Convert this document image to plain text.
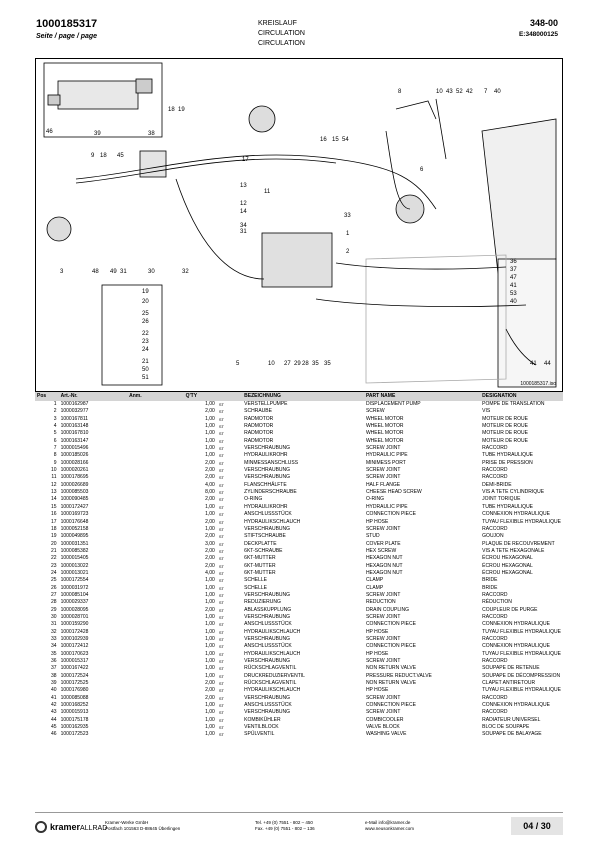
1000185317
Seite / page / page
KREISLAUF
CIRCULATION
CIRCULATION
348-00
E:348000125
46	39	38
18 19
45
9 18
17
16 15 54
8	10 43 52 42 7 40
13
12
14
11
33
34
31	1
2
6
3	48 49 31	30	32
19
20
25
26
22
23
24
21
50
51
5	10 27 29 28 35 35
36
37
47
41
53
40
41 44
1000185317.iso
Pos	Art.-Nr.	Anm.	Q'TY		BEZEICHNUNG	PART NAME	DESIGNATION
1	1000162987		1,00	ST	VERSTELLPUMPE	DISPLACEMENT PUMP	POMPE DE TRANSLATION
2	1000032977		2,00	ST	SCHRAUBE	SCREW	VIS
3	1000167811		1,00	ST	RADMOTOR	WHEEL MOTOR	MOTEUR DE ROUE
4	1000163148		1,00	ST	RADMOTOR	WHEEL MOTOR	MOTEUR DE ROUE
5	1000167810		1,00	ST	RADMOTOR	WHEEL MOTOR	MOTEUR DE ROUE
6	1000163147		1,00	ST	RADMOTOR	WHEEL MOTOR	MOTEUR DE ROUE
7	1000015496		1,00	ST	VERSCHRAUBUNG	SCREW JOINT	RACCORD
8	1000185026		1,00	ST	HYDRAULIKROHR	HYDRAULIC PIPE	TUBE HYDRAULIQUE
9	1000028166		2,00	ST	MINMESSANSCHLUSS	MINIMESS PORT	PRISE DE PRESSION
10	1000020261		2,00	ST	VERSCHRAUBUNG	SCREW JOINT	RACCORD
11	1000178695		2,00	ST	VERSCHRAUBUNG	SCREW JOINT	RACCORD
12	1000026689		4,00	ST	FLANSCHHÄLFTE	HALF FLANGE	DEMI-BRIDE
13	1000085503		8,00	ST	ZYLINDERSCHRAUBE	CHEESE HEAD SCREW	VIS A TETE CYLINDRIQUE
14	1000090485		2,00	ST	O-RING	O-RING	JOINT TORIQUE
15	1000172427		1,00	ST	HYDRAULIKROHR	HYDRAULIC PIPE	TUBE HYDRAULIQUE
16	1000169723		1,00	ST	ANSCHLUSSSTÜCK	CONNECTION PIECE	CONNEXION HYDRAULIQUE
17	1000176648		2,00	ST	HYDRAULIKSCHLAUCH	HP HOSE	TUYAU FLEXIBLE HYDRAULIQUE
18	1000052158		1,00	ST	VERSCHRAUBUNG	SCREW JOINT	RACCORD
19	1000049895		2,00	ST	STIFTSCHRAUBE	STUD	GOUJON
20	1000031351		3,00	ST	DECKPLATTE	COVER PLATE	PLAQUE DE RECOUVREMENT
21	1000085382		2,00	ST	6KT-SCHRAUBE	HEX SCREW	VIS A TETE HEXAGONALE
22	1000015405		2,00	ST	6KT-MUTTER	HEXAGON NUT	ÉCROU HEXAGONAL
23	1000013022		2,00	ST	6KT-MUTTER	HEXAGON NUT	ÉCROU HEXAGONAL
24	1000013021		4,00	ST	6KT-MUTTER	HEXAGON NUT	ÉCROU HEXAGONAL
25	1000172554		1,00	ST	SCHELLE	CLAMP	BRIDE
26	1000031972		1,00	ST	SCHELLE	CLAMP	BRIDE
27	1000085104		1,00	ST	VERSCHRAUBUNG	SCREW JOINT	RACCORD
28	1000029337		1,00	ST	REDUZIERUNG	REDUCTION	RÉDUCTION
29	1000028095		2,00	ST	ABLASSKUPPLUNG	DRAIN COUPLING	COUPLEUR DE PURGE
30	1000028701		1,00	ST	VERSCHRAUBUNG	SCREW JOINT	RACCORD
31	1000159290		1,00	ST	ANSCHLUSSSTÜCK	CONNECTION PIECE	CONNEXION HYDRAULIQUE
32	1000172428		1,00	ST	HYDRAULIKSCHLAUCH	HP HOSE	TUYAU FLEXIBLE HYDRAULIQUE
33	1000102939		1,00	ST	VERSCHRAUBUNG	SCREW JOINT	RACCORD
34	1000172412		1,00	ST	ANSCHLUSSSTÜCK	CONNECTION PIECE	CONNEXION HYDRAULIQUE
35	1000170623		1,00	ST	HYDRAULIKSCHLAUCH	HP HOSE	TUYAU FLEXIBLE HYDRAULIQUE
36	1000015317		1,00	ST	VERSCHRAUBUNG	SCREW JOINT	RACCORD
37	1000167422		1,00	ST	RÜCKSCHLAGVENTIL	NON RETURN VALVE	SOUPAPE DE RETENUE
38	1000172524		1,00	ST	DRUCKREDUZIERVENTIL	PRESSURE REDUCT.VALVE	SOUPAPE DE DÉCOMPRESSION
39	1000172525		2,00	ST	RÜCKSCHLAGVENTIL	NON RETURN VALVE	CLAPET ANTIRETOUR
40	1000176980		2,00	ST	HYDRAULIKSCHLAUCH	HP HOSE	TUYAU FLEXIBLE HYDRAULIQUE
41	1000085088		2,00	ST	VERSCHRAUBUNG	SCREW JOINT	RACCORD
42	1000168252		1,00	ST	ANSCHLUSSSTÜCK	CONNECTION PIECE	CONNEXION HYDRAULIQUE
43	1000015913		1,00	ST	VERSCHRAUBUNG	SCREW JOINT	RACCORD
44	1000175178		1,00	ST	KOMBIKÜHLER	COMBICOOLER	RADIATEUR UNIVERSEL
45	1000162935		1,00	ST	VENTILBLOCK	VALVE BLOCK	BLOC DE SOUPAPE
46	1000172523		1,00	ST	SPÜLVENTIL	WASHING VALVE	SOUPAPE DE BALAYAGE
kramerALLRAD
Kramer-Werke GmbH
Postfach 101563 D-88645 Überlingen
Tel. +49 (0) 7551 - 802 – 450
Fax. +49 (0) 7551 - 802 – 136
e-Mail info@kramer.de
www.neusonkramer.com	04 / 30
